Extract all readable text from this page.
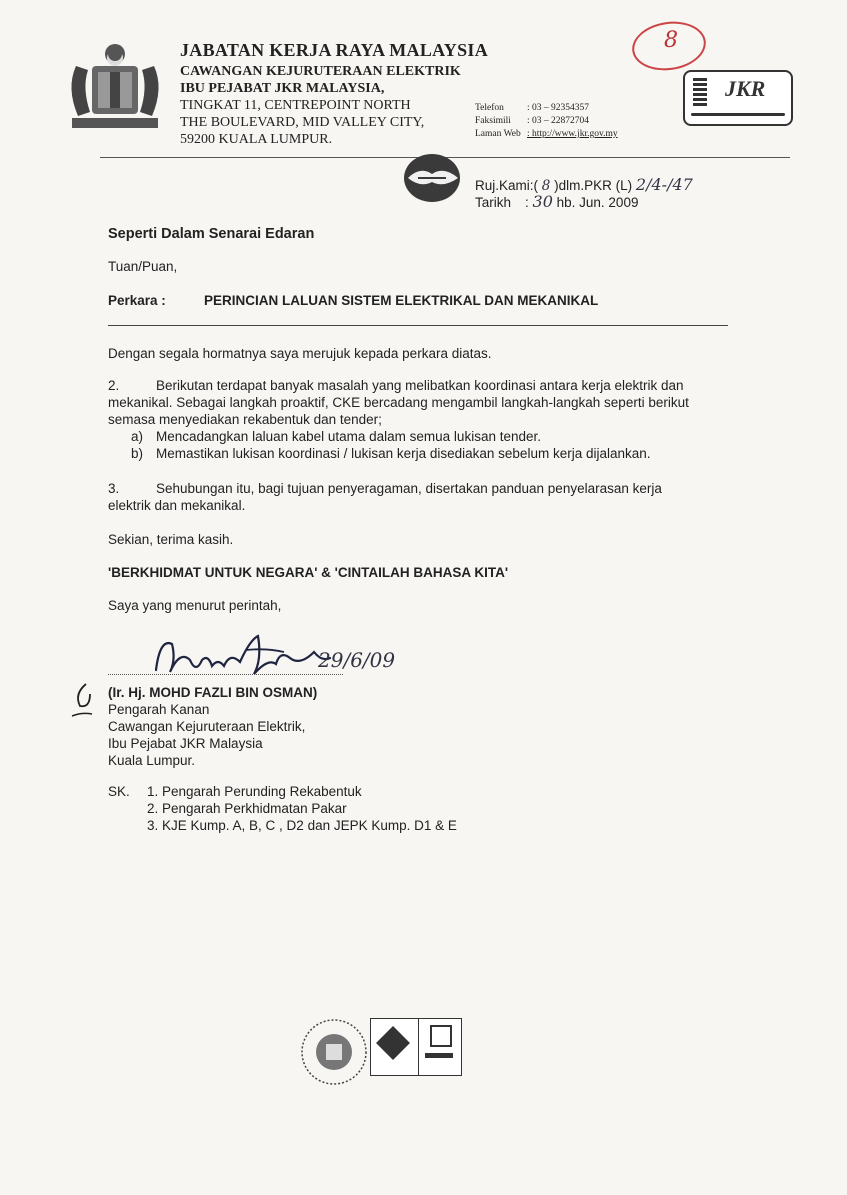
JABATAN KERJA RAYA MALAYSIA
CAWANGAN KEJURUTERAAN ELEKTRIK
IBU PEJABAT JKR MALAYSIA,
TINGKAT 11, CENTREPOINT NORTH
THE BOULEVARD, MID VALLEY CITY,
59200 KUALA LUMPUR.
Telefon : 03 – 92354357
Faksimili : 03 – 22872704
Laman Web : http://www.jkr.gov.my
8
JKR
Ruj.Kami:( 8 )dlm.PKR (L) 2/4-/47
Tarikh : 30 hb. Jun. 2009
Seperti Dalam Senarai Edaran
Tuan/Puan,
Perkara :	PERINCIAN LALUAN SISTEM ELEKTRIKAL DAN MEKANIKAL
Dengan segala hormatnya saya merujuk kepada perkara diatas.
2.	Berikutan terdapat banyak masalah yang melibatkan koordinasi antara kerja elektrik dan
mekanikal. Sebagai langkah proaktif, CKE bercadang mengambil langkah-langkah seperti berikut
semasa menyediakan rekabentuk dan tender;
a) Mencadangkan laluan kabel utama dalam semua lukisan tender.
b) Memastikan lukisan koordinasi / lukisan kerja disediakan sebelum kerja dijalankan.
3.	Sehubungan itu, bagi tujuan penyeragaman, disertakan panduan penyelarasan kerja
elektrik dan mekanikal.
Sekian, terima kasih.
'BERKHIDMAT UNTUK NEGARA' & 'CINTAILAH BAHASA KITA'
Saya yang menurut perintah,
29/6/09
(Ir. Hj. MOHD FAZLI BIN OSMAN)
Pengarah Kanan
Cawangan Kejuruteraan Elektrik,
Ibu Pejabat JKR Malaysia
Kuala Lumpur.
SK. 1. Pengarah Perunding Rekabentuk
2. Pengarah Perkhidmatan Pakar
3. KJE Kump. A, B, C , D2 dan JEPK Kump. D1 & E
